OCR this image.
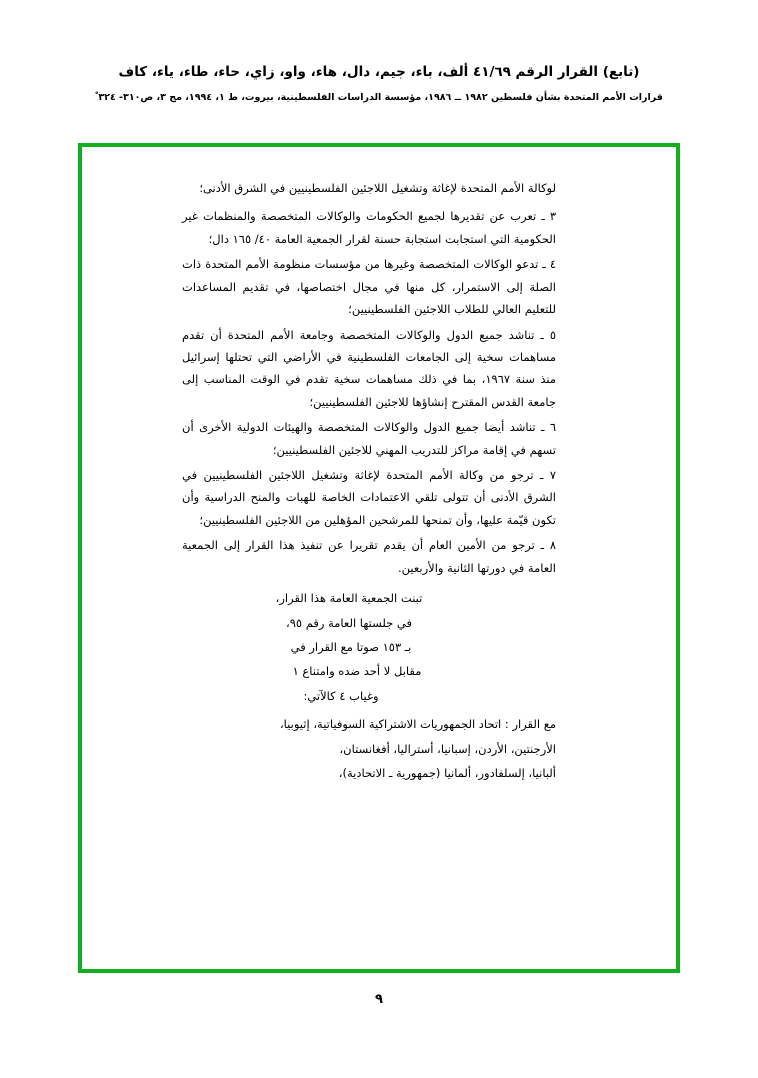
(تابع) القرار الرقم ٤١/٦٩ ألف، باء، جيم، دال، هاء، واو، زاي، حاء، طاء، ياء، كاف
قرارات الأمم المتحدة بشأن فلسطين ١٩٨٢ ــ ١٩٨٦، مؤسسة الدراسات الفلسطينية، بيروت، ط ١، ١٩٩٤، مج ٣، ص٣١٠- ٣٢٤ ْ

لوكالة الأمم المتحدة لإغاثة وتشغيل اللاجئين الفلسطينيين في الشرق الأدنى؛

٣ ـ تعرب عن تقديرها لجميع الحكومات والوكالات المتخصصة والمنظمات غير الحكومية التي استجابت استجابة حسنة لقرار الجمعية العامة ٤٠/ ١٦٥ دال؛

٤ ـ تدعو الوكالات المتخصصة وغيرها من مؤسسات منظومة الأمم المتحدة ذات الصلة إلى الاستمرار، كل منها في مجال اختصاصها، في تقديم المساعدات للتعليم العالي للطلاب اللاجئين الفلسطينيين؛

٥ ـ تناشد جميع الدول والوكالات المتخصصة وجامعة الأمم المتحدة أن تقدم مساهمات سخية إلى الجامعات الفلسطينية في الأراضي التي تحتلها إسرائيل منذ سنة ١٩٦٧، بما في ذلك مساهمات سخية تقدم في الوقت المناسب إلى جامعة القدس المقترح إنشاؤها للاجئين الفلسطينيين؛

٦ ـ تناشد أيضا جميع الدول والوكالات المتخصصة والهيئات الدولية الأخرى أن تسهم في إقامة مراكز للتدريب المهني للاجئين الفلسطينيين؛

٧ ـ ترجو من وكالة الأمم المتحدة لإغاثة وتشغيل اللاجئين الفلسطينيين في الشرق الأدنى أن تتولى تلقي الاعتمادات الخاصة للهبات والمنح الدراسية وأن تكون قيّمة عليها، وأن تمنحها للمرشحين المؤهلين من اللاجئين الفلسطينيين؛

٨ ـ ترجو من الأمين العام أن يقدم تقريرا عن تنفيذ هذا القرار إلى الجمعية العامة في دورتها الثانية والأربعين.

تبنت الجمعية العامة هذا القرار،

في جلستها العامة رقم ٩٥،

بـ ١٥٣ صوتا مع القرار في

مقابل لا أحد ضده وامتناع ١

وغياب ٤ كالآتي:

مع القرار : اتحاد الجمهوريات الاشتراكية السوفياتية، إثيوبيا،

الأرجنتين، الأردن، إسبانيا، أستراليا، أفغانستان،

ألبانيا، إلسلفادور، ألمانيا (جمهورية ـ الاتحادية)،

٩
